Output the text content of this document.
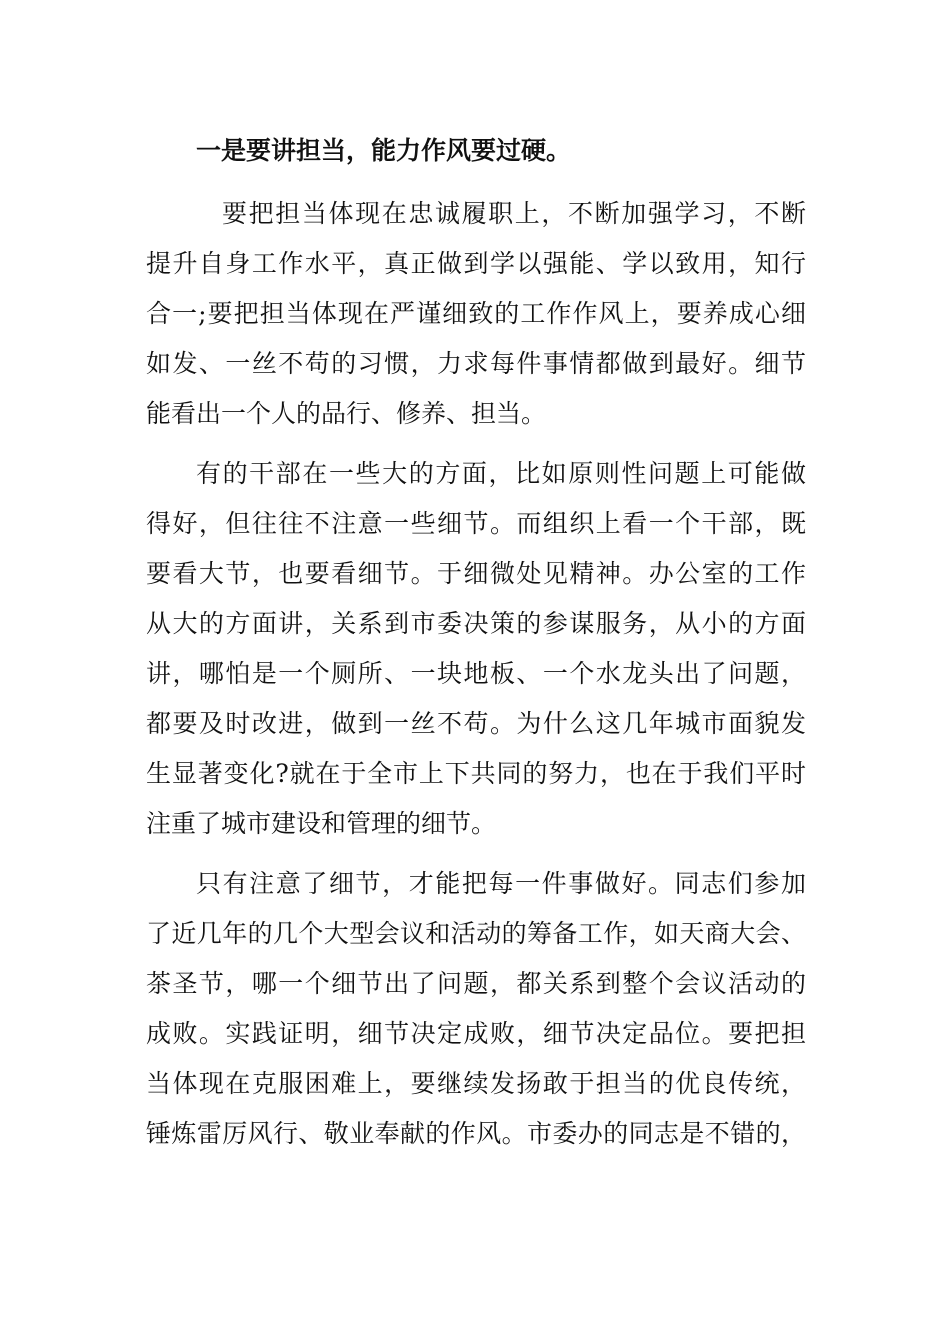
一是要讲担当，能力作风要过硬。
要把担当体现在忠诚履职上，不断加强学习，不断
提升自身工作水平，真正做到学以强能、学以致用，知行
合一;要把担当体现在严谨细致的工作作风上，要养成心细
如发、一丝不苟的习惯，力求每件事情都做到最好。细节
能看出一个人的品行、修养、担当。
有的干部在一些大的方面，比如原则性问题上可能做
得好，但往往不注意一些细节。而组织上看一个干部，既
要看大节，也要看细节。于细微处见精神。办公室的工作
从大的方面讲，关系到市委决策的参谋服务，从小的方面
讲，哪怕是一个厕所、一块地板、一个水龙头出了问题，
都要及时改进，做到一丝不苟。为什么这几年城市面貌发
生显著变化?就在于全市上下共同的努力，也在于我们平时
注重了城市建设和管理的细节。
只有注意了细节，才能把每一件事做好。同志们参加
了近几年的几个大型会议和活动的筹备工作，如天商大会、
茶圣节，哪一个细节出了问题，都关系到整个会议活动的
成败。实践证明，细节决定成败，细节决定品位。要把担
当体现在克服困难上，要继续发扬敢于担当的优良传统，
锤炼雷厉风行、敬业奉献的作风。市委办的同志是不错的，
